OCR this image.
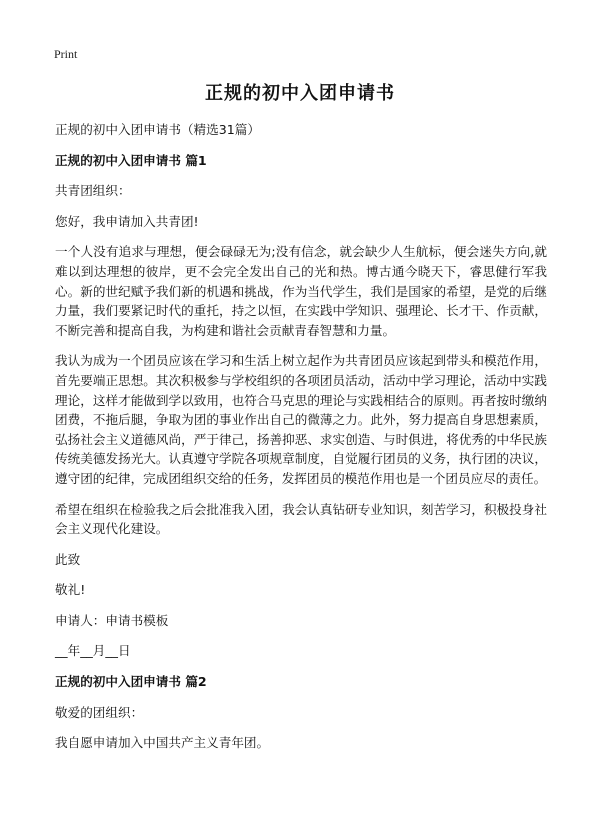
Print
正规的初中入团申请书

正规的初中入团申请书（精选31篇）

正规的初中入团申请书 篇1

共青团组织：

您好，我申请加入共青团!

一个人没有追求与理想，便会碌碌无为;没有信念，就会缺少人生航标，便会迷失方向,就难以到达理想的彼岸，更不会完全发出自己的光和热。博古通今晓天下，睿思健行军我心。新的世纪赋予我们新的机遇和挑战，作为当代学生，我们是国家的希望，是党的后继力量，我们要紧记时代的重托，持之以恒，在实践中学知识、强理论、长才干、作贡献，不断完善和提高自我，为构建和谐社会贡献青春智慧和力量。

我认为成为一个团员应该在学习和生活上树立起作为共青团员应该起到带头和模范作用，首先要端正思想。其次积极参与学校组织的各项团员活动，活动中学习理论，活动中实践理论，这样才能做到学以致用，也符合马克思的理论与实践相结合的原则。再者按时缴纳团费，不拖后腿，争取为团的事业作出自己的微薄之力。此外，努力提高自身思想素质，弘扬社会主义道德风尚，严于律己，扬善抑恶、求实创造、与时俱进，将优秀的中华民族传统美德发扬光大。认真遵守学院各项规章制度，自觉履行团员的义务，执行团的决议，遵守团的纪律，完成团组织交给的任务，发挥团员的模范作用也是一个团员应尽的责任。

希望在组织在检验我之后会批准我入团，我会认真钻研专业知识，刻苦学习，积极投身社会主义现代化建设。

此致

敬礼!

申请人：申请书模板

__年__月__日

正规的初中入团申请书 篇2

敬爱的团组织：

我自愿申请加入中国共产主义青年团。
